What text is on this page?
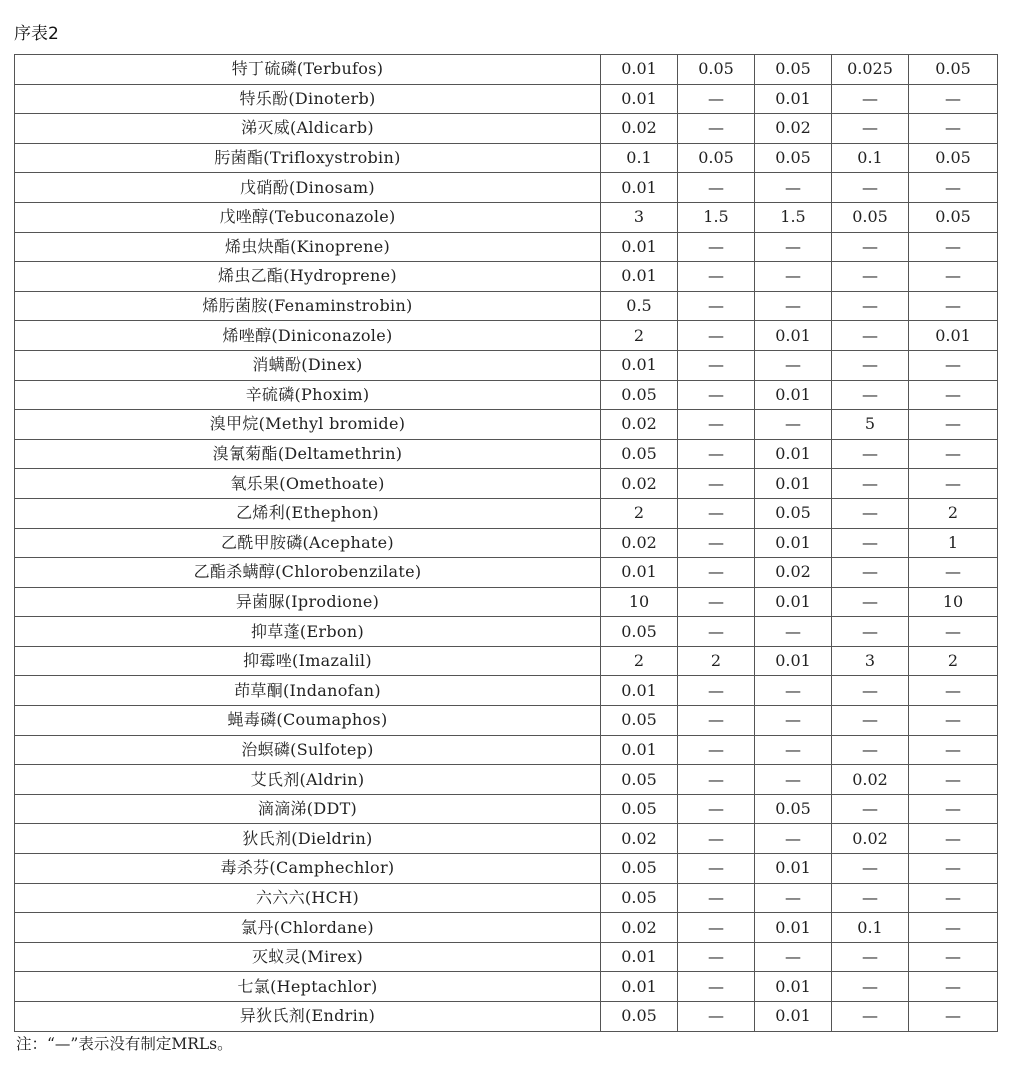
序表2
特丁硫磷(Terbufos)	0.01	0.05	0.05	0.025	0.05
特乐酚(Dinoterb)	0.01	—	0.01	—	—
涕灭威(Aldicarb)	0.02	—	0.02	—	—
肟菌酯(Trifloxystrobin)	0.1	0.05	0.05	0.1	0.05
戊硝酚(Dinosam)	0.01	—	—	—	—
戊唑醇(Tebuconazole)	3	1.5	1.5	0.05	0.05
烯虫炔酯(Kinoprene)	0.01	—	—	—	—
烯虫乙酯(Hydroprene)	0.01	—	—	—	—
烯肟菌胺(Fenaminstrobin)	0.5	—	—	—	—
烯唑醇(Diniconazole)	2	—	0.01	—	0.01
消螨酚(Dinex)	0.01	—	—	—	—
辛硫磷(Phoxim)	0.05	—	0.01	—	—
溴甲烷(Methyl bromide)	0.02	—	—	5	—
溴氰菊酯(Deltamethrin)	0.05	—	0.01	—	—
氧乐果(Omethoate)	0.02	—	0.01	—	—
乙烯利(Ethephon)	2	—	0.05	—	2
乙酰甲胺磷(Acephate)	0.02	—	0.01	—	1
乙酯杀螨醇(Chlorobenzilate)	0.01	—	0.02	—	—
异菌脲(Iprodione)	10	—	0.01	—	10
抑草蓬(Erbon)	0.05	—	—	—	—
抑霉唑(Imazalil)	2	2	0.01	3	2
茚草酮(Indanofan)	0.01	—	—	—	—
蝇毒磷(Coumaphos)	0.05	—	—	—	—
治螟磷(Sulfotep)	0.01	—	—	—	—
艾氏剂(Aldrin)	0.05	—	—	0.02	—
滴滴涕(DDT)	0.05	—	0.05	—	—
狄氏剂(Dieldrin)	0.02	—	—	0.02	—
毒杀芬(Camphechlor)	0.05	—	0.01	—	—
六六六(HCH)	0.05	—	—	—	—
氯丹(Chlordane)	0.02	—	0.01	0.1	—
灭蚁灵(Mirex)	0.01	—	—	—	—
七氯(Heptachlor)	0.01	—	0.01	—	—
异狄氏剂(Endrin)	0.05	—	0.01	—	—
注：“—”表示没有制定MRLs。
